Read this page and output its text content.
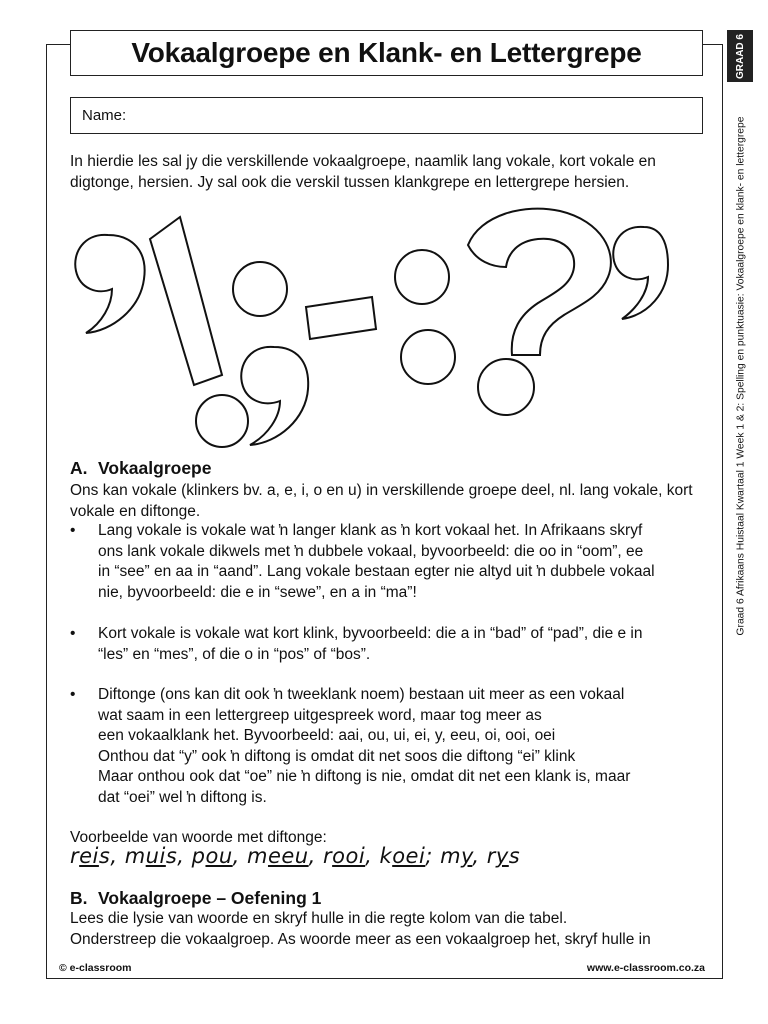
Vokaalgroepe en Klank- en Lettergrepe	GRAAD 6
Graad 6 Afrikaans Huistaal Kwartaal 1 Week 1 & 2: Spelling en punktuasie: Vokaalgroepe en klank- en lettergrepe
Name:
In hierdie les sal jy die verskillende vokaalgroepe, naamlik lang vokale, kort vokale en digtonge, hersien. Jy sal ook die verskil tussen klankgrepe en lettergrepe hersien.
A. Vokaalgroepe
Ons kan vokale (klinkers bv. a, e, i, o en u) in verskillende groepe deel, nl. lang vokale, kort vokale en diftonge.
• Lang vokale is vokale wat ŉ langer klank as ŉ kort vokaal het. In Afrikaans skryf
ons lank vokale dikwels met ŉ dubbele vokaal, byvoorbeeld: die oo in “oom”, ee
in “see” en aa in “aand”. Lang vokale bestaan egter nie altyd uit ŉ dubbele vokaal
nie, byvoorbeeld: die e in “sewe”, en a in “ma”!
• Kort vokale is vokale wat kort klink, byvoorbeeld: die a in “bad” of “pad”, die e in
“les” en “mes”, of die o in “pos” of “bos”.
• Diftonge (ons kan dit ook ŉ tweeklank noem) bestaan uit meer as een vokaal
wat saam in een lettergreep uitgespreek word, maar tog meer as
een vokaalklank het. Byvoorbeeld: aai, ou, ui, ei, y, eeu, oi, ooi, oei
Onthou dat “y” ook ŉ diftong is omdat dit net soos die diftong “ei” klink
Maar onthou ook dat “oe” nie ŉ diftong is nie, omdat dit net een klank is, maar
dat “oei” wel ŉ diftong is.
Voorbeelde van woorde met diftonge:
reis, muis, pou, meeu, rooi, koei; my, rys
B. Vokaalgroepe – Oefening 1
Lees die lysie van woorde en skryf hulle in die regte kolom van die tabel.
Onderstreep die vokaalgroep. As woorde meer as een vokaalgroep het, skryf hulle in
© e-classroom	www.e-classroom.co.za
